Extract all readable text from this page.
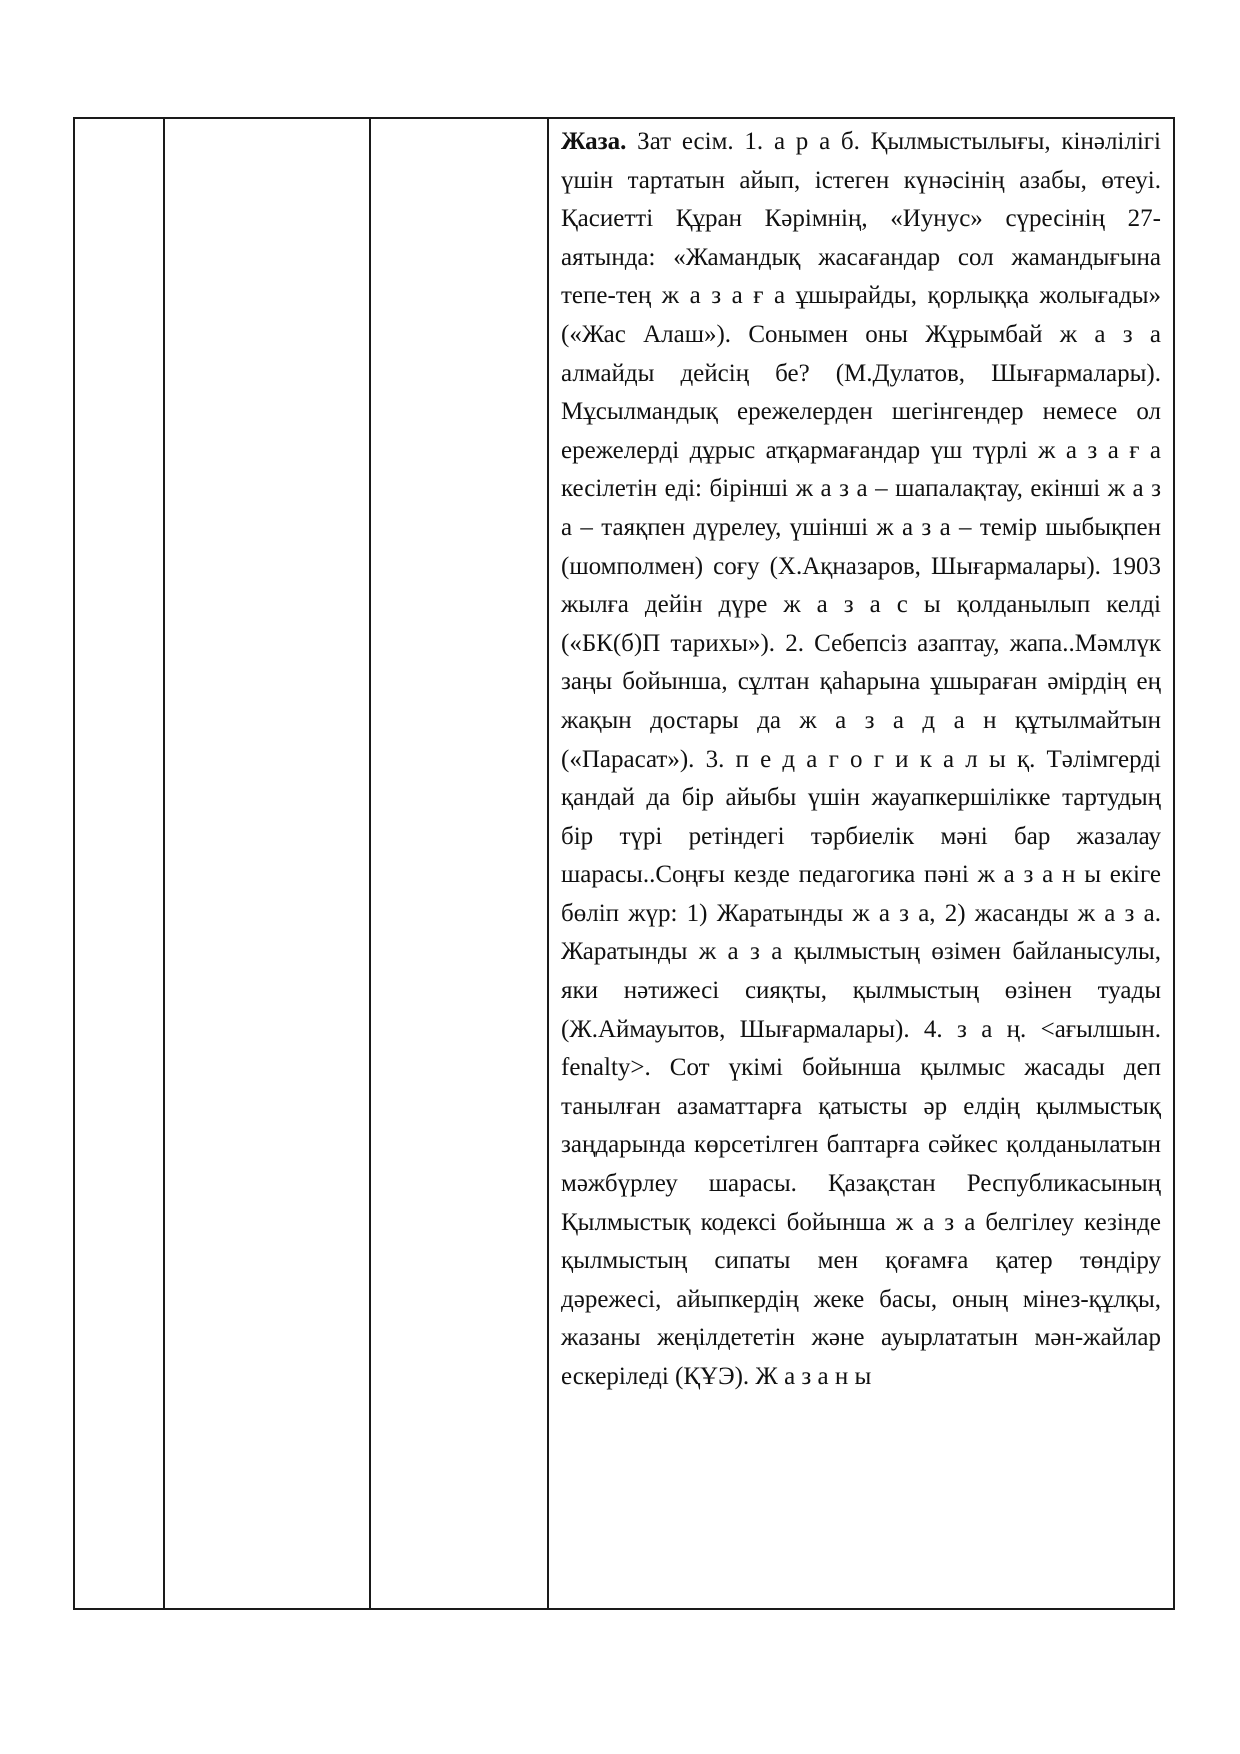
Жаза. Зат есім. 1. а р а б. Қылмыстылығы, кінәлілігі үшін тартатын айып, істеген күнәсінің азабы, өтеуі. Қасиетті Құран Кәрімнің, «Иунус» сүресінің 27-аятында: «Жамандық жасағандар сол жамандығына тепе-тең ж а з а ғ а ұшырайды, қорлыққа жолығады» («Жас Алаш»). Сонымен оны Жұрымбай ж а з а алмайды дейсің бе? (М.Дулатов, Шығармалары). Мұсылмандық ережелерден шегінгендер немесе ол ережелерді дұрыс атқармағандар үш түрлі ж а з а ғ а кесілетін еді: бірінші ж а з а – шапалақтау, екінші ж а з а – таяқпен дүрелеу, үшінші ж а з а – темір шыбықпен (шомполмен) соғу (Х.Ақназаров, Шығармалары). 1903 жылға дейін дүре ж а з а с ы қолданылып келді («БК(б)П тарихы»). 2. Себепсіз азаптау, жапа..Мәмлүк заңы бойынша, сұлтан қаһарына ұшыраған әмірдің ең жақын достары да ж а з а д а н құтылмайтын («Парасат»). 3. п е д а г о г и к а л ы қ. Тәлімгерді қандай да бір айыбы үшін жауапкершілікке тартудың бір түрі ретіндегі тәрбиелік мәні бар жазалау шарасы..Соңғы кезде педагогика пәні ж а з а н ы екіге бөліп жүр: 1) Жаратынды ж а з а, 2) жасанды ж а з а. Жаратынды ж а з а қылмыстың өзімен байланысулы, яки нәтижесі сияқты, қылмыстың өзінен туады (Ж.Аймауытов, Шығармалары). 4. з а ң. <ағылшын. fenalty>. Сот үкімі бойынша қылмыс жасады деп танылған азаматтарға қатысты әр елдің қылмыстық заңдарында көрсетілген баптарға сәйкес қолданылатын мәжбүрлеу шарасы. Қазақстан Республикасының Қылмыстық кодексі бойынша ж а з а белгілеу кезінде қылмыстың сипаты мен қоғамға қатер төндіру дәрежесі, айыпкердің жеке басы, оның мінез-құлқы, жазаны жеңілдететін және ауырлататын мән-жайлар ескеріледі (ҚҰЭ). Ж а з а н ы
